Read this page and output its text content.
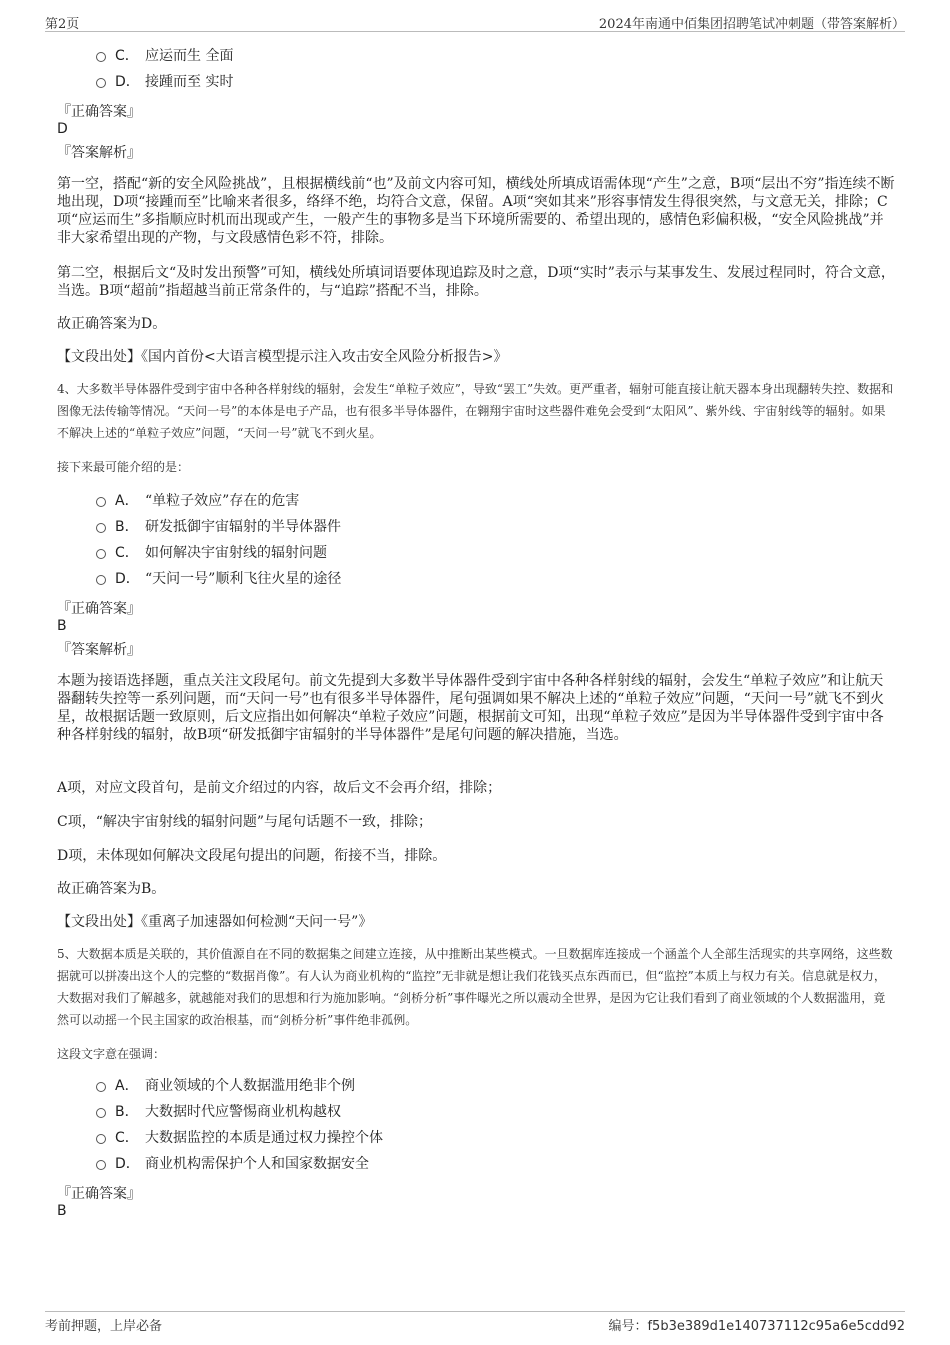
第2页	2024年南通中佰集团招聘笔试冲刺题（带答案解析）
C． 应运而生 全面
D． 接踵而至 实时
『正确答案』
D
『答案解析』
第一空，搭配“新的安全风险挑战”，且根据横线前“也”及前文内容可知，横线处所填成语需体现“产生”之意，B项“层出不穷”指连续不断地出现，D项“接踵而至”比喻来者很多，络绎不绝，均符合文意，保留。A项“突如其来”形容事情发生得很突然，与文意无关，排除；C项“应运而生”多指顺应时机而出现或产生，一般产生的事物多是当下环境所需要的、希望出现的，感情色彩偏积极，“安全风险挑战”并非大家希望出现的产物，与文段感情色彩不符，排除。
第二空，根据后文“及时发出预警”可知，横线处所填词语要体现追踪及时之意，D项“实时”表示与某事发生、发展过程同时，符合文意，当选。B项“超前”指超越当前正常条件的，与“追踪”搭配不当，排除。
故正确答案为D。
【文段出处】《国内首份<大语言模型提示注入攻击安全风险分析报告>》
4、大多数半导体器件受到宇宙中各种各样射线的辐射，会发生“单粒子效应”，导致“罢工”失效。更严重者，辐射可能直接让航天器本身出现翻转失控、数据和图像无法传输等情况。“天问一号”的本体是电子产品，也有很多半导体器件，在翱翔宇宙时这些器件难免会受到“太阳风”、紫外线、宇宙射线等的辐射。如果不解决上述的“单粒子效应”问题，“天问一号”就飞不到火星。
接下来最可能介绍的是：
A． “单粒子效应”存在的危害
B． 研发抵御宇宙辐射的半导体器件
C． 如何解决宇宙射线的辐射问题
D． “天问一号”顺利飞往火星的途径
『正确答案』
B
『答案解析』
本题为接语选择题，重点关注文段尾句。前文先提到大多数半导体器件受到宇宙中各种各样射线的辐射，会发生“单粒子效应”和让航天器翻转失控等一系列问题，而“天问一号”也有很多半导体器件，尾句强调如果不解决上述的“单粒子效应”问题，“天问一号”就飞不到火星，故根据话题一致原则，后文应指出如何解决“单粒子效应”问题，根据前文可知，出现“单粒子效应”是因为半导体器件受到宇宙中各种各样射线的辐射，故B项“研发抵御宇宙辐射的半导体器件”是尾句问题的解决措施，当选。
A项，对应文段首句，是前文介绍过的内容，故后文不会再介绍，排除；
C项，“解决宇宙射线的辐射问题”与尾句话题不一致，排除；
D项，未体现如何解决文段尾句提出的问题，衔接不当，排除。
故正确答案为B。
【文段出处】《重离子加速器如何检测“天问一号”》
5、大数据本质是关联的，其价值源自在不同的数据集之间建立连接，从中推断出某些模式。一旦数据库连接成一个涵盖个人全部生活现实的共享网络，这些数据就可以拼凑出这个人的完整的“数据肖像”。有人认为商业机构的“监控”无非就是想让我们花钱买点东西而已，但“监控”本质上与权力有关。信息就是权力，大数据对我们了解越多，就越能对我们的思想和行为施加影响。“剑桥分析”事件曝光之所以震动全世界，是因为它让我们看到了商业领域的个人数据滥用，竟然可以动摇一个民主国家的政治根基，而“剑桥分析”事件绝非孤例。
这段文字意在强调：
A． 商业领域的个人数据滥用绝非个例
B． 大数据时代应警惕商业机构越权
C． 大数据监控的本质是通过权力操控个体
D． 商业机构需保护个人和国家数据安全
『正确答案』
B
考前押题，上岸必备	编号：f5b3e389d1e140737112c95a6e5cdd92
